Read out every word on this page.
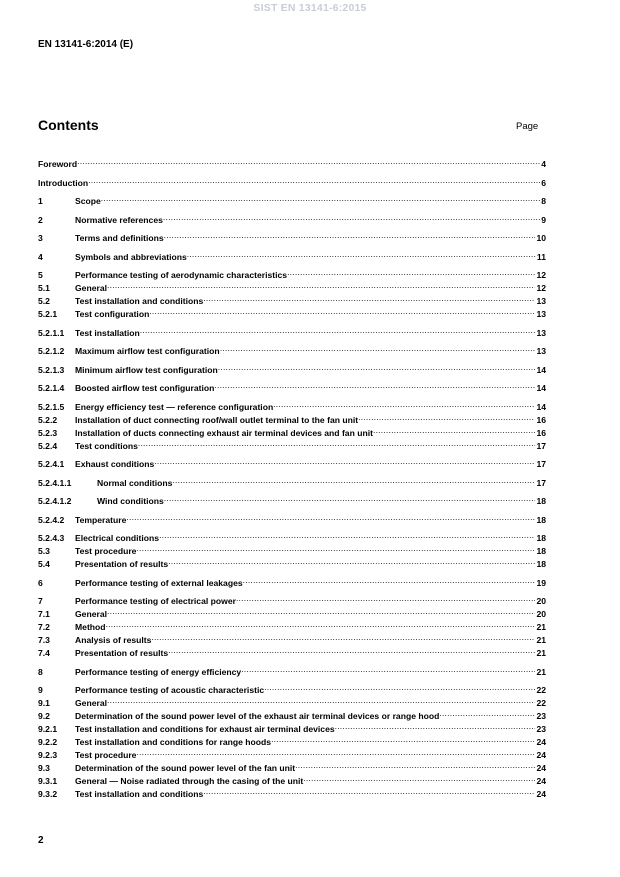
SIST EN 13141-6:2015
EN 13141-6:2014 (E)
Contents	Page
Foreword .....	4
Introduction .....	6
1	Scope .....	8
2	Normative references .....	9
3	Terms and definitions .....	10
4	Symbols and abbreviations .....	11
5	Performance testing of aerodynamic characteristics .....	12
5.1	General .....	12
5.2	Test installation and conditions .....	13
5.2.1	Test configuration .....	13
5.2.1.1	Test installation .....	13
5.2.1.2	Maximum airflow test configuration .....	13
5.2.1.3	Minimum airflow test configuration .....	14
5.2.1.4	Boosted airflow test configuration .....	14
5.2.1.5	Energy efficiency test — reference configuration .....	14
5.2.2	Installation of duct connecting roof/wall outlet terminal to the fan unit .....	16
5.2.3	Installation of ducts connecting exhaust air terminal devices and fan unit .....	16
5.2.4	Test conditions .....	17
5.2.4.1	Exhaust conditions .....	17
5.2.4.1.1	Normal conditions .....	17
5.2.4.1.2	Wind conditions .....	18
5.2.4.2	Temperature .....	18
5.2.4.3	Electrical conditions .....	18
5.3	Test procedure .....	18
5.4	Presentation of results .....	18
6	Performance testing of external leakages .....	19
7	Performance testing of electrical power .....	20
7.1	General .....	20
7.2	Method .....	21
7.3	Analysis of results .....	21
7.4	Presentation of results .....	21
8	Performance testing of energy efficiency .....	21
9	Performance testing of acoustic characteristic .....	22
9.1	General .....	22
9.2	Determination of the sound power level of the exhaust air terminal devices or range hood .....	23
9.2.1	Test installation and conditions for exhaust air terminal devices .....	23
9.2.2	Test installation and conditions for range hoods .....	24
9.2.3	Test procedure .....	24
9.3	Determination of the sound power level of the fan unit .....	24
9.3.1	General — Noise radiated through the casing of the unit .....	24
9.3.2	Test installation and conditions .....	24
2
